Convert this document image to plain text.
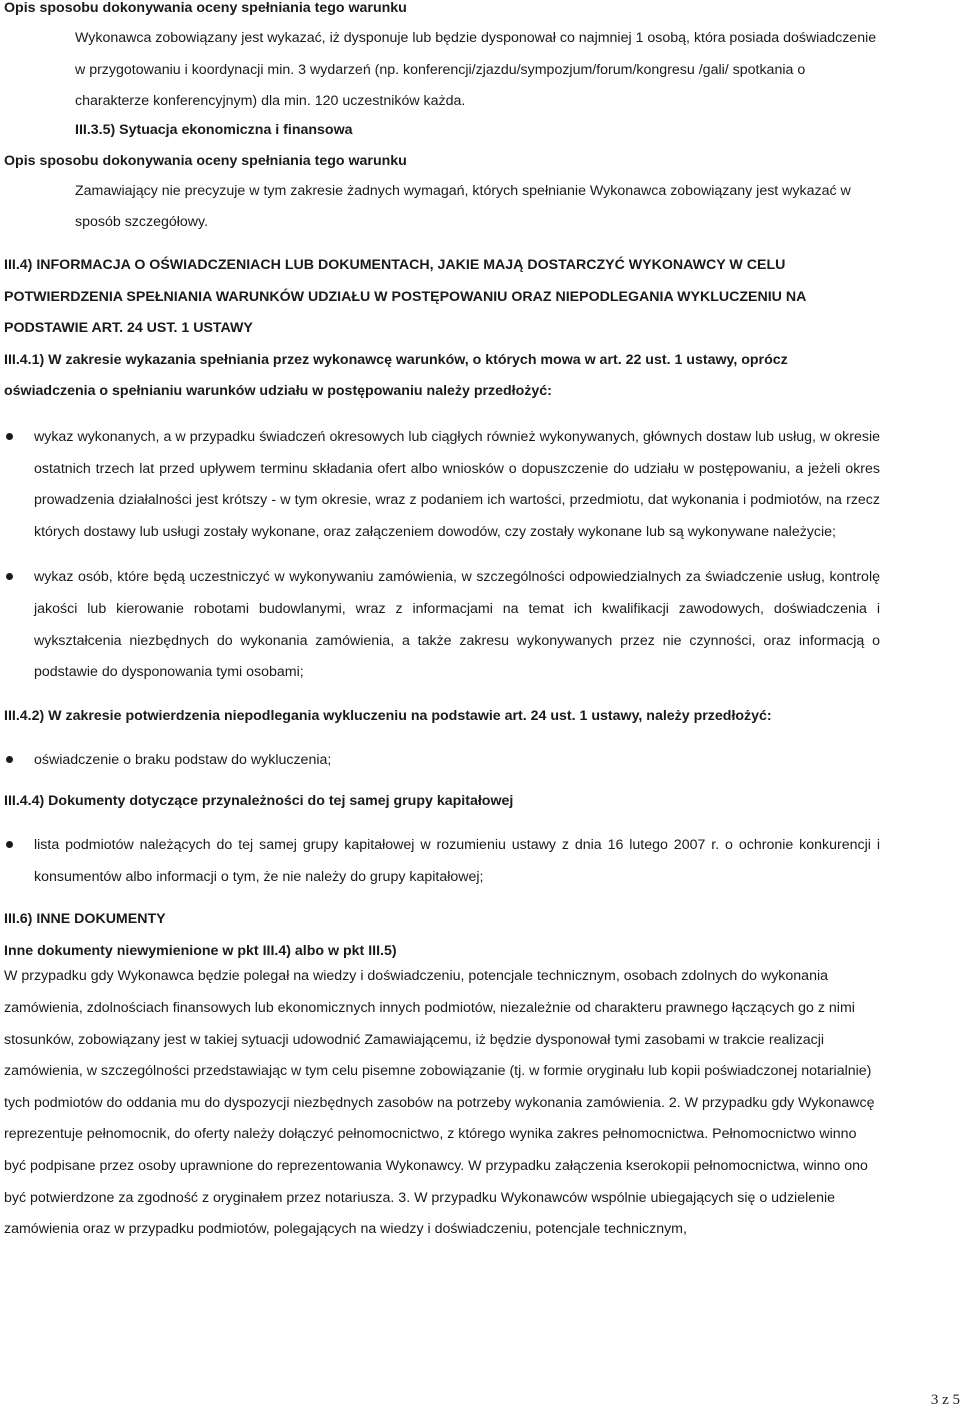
Opis sposobu dokonywania oceny spełniania tego warunku
Wykonawca zobowiązany jest wykazać, iż dysponuje lub będzie dysponował co najmniej 1 osobą, która posiada doświadczenie w przygotowaniu i koordynacji min. 3 wydarzeń (np. konferencji/zjazdu/sympozjum/forum/kongresu /gali/ spotkania o charakterze konferencyjnym) dla min. 120 uczestników każda.
III.3.5) Sytuacja ekonomiczna i finansowa
Opis sposobu dokonywania oceny spełniania tego warunku
Zamawiający nie precyzuje w tym zakresie żadnych wymagań, których spełnianie Wykonawca zobowiązany jest wykazać w sposób szczegółowy.
III.4) INFORMACJA O OŚWIADCZENIACH LUB DOKUMENTACH, JAKIE MAJĄ DOSTARCZYĆ WYKONAWCY W CELU POTWIERDZENIA SPEŁNIANIA WARUNKÓW UDZIAŁU W POSTĘPOWANIU ORAZ NIEPODLEGANIA WYKLUCZENIU NA PODSTAWIE ART. 24 UST. 1 USTAWY
III.4.1) W zakresie wykazania spełniania przez wykonawcę warunków, o których mowa w art. 22 ust. 1 ustawy, oprócz oświadczenia o spełnianiu warunków udziału w postępowaniu należy przedłożyć:
wykaz wykonanych, a w przypadku świadczeń okresowych lub ciągłych również wykonywanych, głównych dostaw lub usług, w okresie ostatnich trzech lat przed upływem terminu składania ofert albo wniosków o dopuszczenie do udziału w postępowaniu, a jeżeli okres prowadzenia działalności jest krótszy - w tym okresie, wraz z podaniem ich wartości, przedmiotu, dat wykonania i podmiotów, na rzecz których dostawy lub usługi zostały wykonane, oraz załączeniem dowodów, czy zostały wykonane lub są wykonywane należycie;
wykaz osób, które będą uczestniczyć w wykonywaniu zamówienia, w szczególności odpowiedzialnych za świadczenie usług, kontrolę jakości lub kierowanie robotami budowlanymi, wraz z informacjami na temat ich kwalifikacji zawodowych, doświadczenia i wykształcenia niezbędnych do wykonania zamówienia, a także zakresu wykonywanych przez nie czynności, oraz informacją o podstawie do dysponowania tymi osobami;
III.4.2) W zakresie potwierdzenia niepodlegania wykluczeniu na podstawie art. 24 ust. 1 ustawy, należy przedłożyć:
oświadczenie o braku podstaw do wykluczenia;
III.4.4) Dokumenty dotyczące przynależności do tej samej grupy kapitałowej
lista podmiotów należących do tej samej grupy kapitałowej w rozumieniu ustawy z dnia 16 lutego 2007 r. o ochronie konkurencji i konsumentów albo informacji o tym, że nie należy do grupy kapitałowej;
III.6) INNE DOKUMENTY
Inne dokumenty niewymienione w pkt III.4) albo w pkt III.5)
W przypadku gdy Wykonawca będzie polegał na wiedzy i doświadczeniu, potencjale technicznym, osobach zdolnych do wykonania zamówienia, zdolnościach finansowych lub ekonomicznych innych podmiotów, niezależnie od charakteru prawnego łączących go z nimi stosunków, zobowiązany jest w takiej sytuacji udowodnić Zamawiającemu, iż będzie dysponował tymi zasobami w trakcie realizacji zamówienia, w szczególności przedstawiając w tym celu pisemne zobowiązanie (tj. w formie oryginału lub kopii poświadczonej notarialnie) tych podmiotów do oddania mu do dyspozycji niezbędnych zasobów na potrzeby wykonania zamówienia. 2. W przypadku gdy Wykonawcę reprezentuje pełnomocnik, do oferty należy dołączyć pełnomocnictwo, z którego wynika zakres pełnomocnictwa. Pełnomocnictwo winno być podpisane przez osoby uprawnione do reprezentowania Wykonawcy. W przypadku załączenia kserokopii pełnomocnictwa, winno ono być potwierdzone za zgodność z oryginałem przez notariusza. 3. W przypadku Wykonawców wspólnie ubiegających się o udzielenie zamówienia oraz w przypadku podmiotów, polegających na wiedzy i doświadczeniu, potencjale technicznym,
3 z 5
